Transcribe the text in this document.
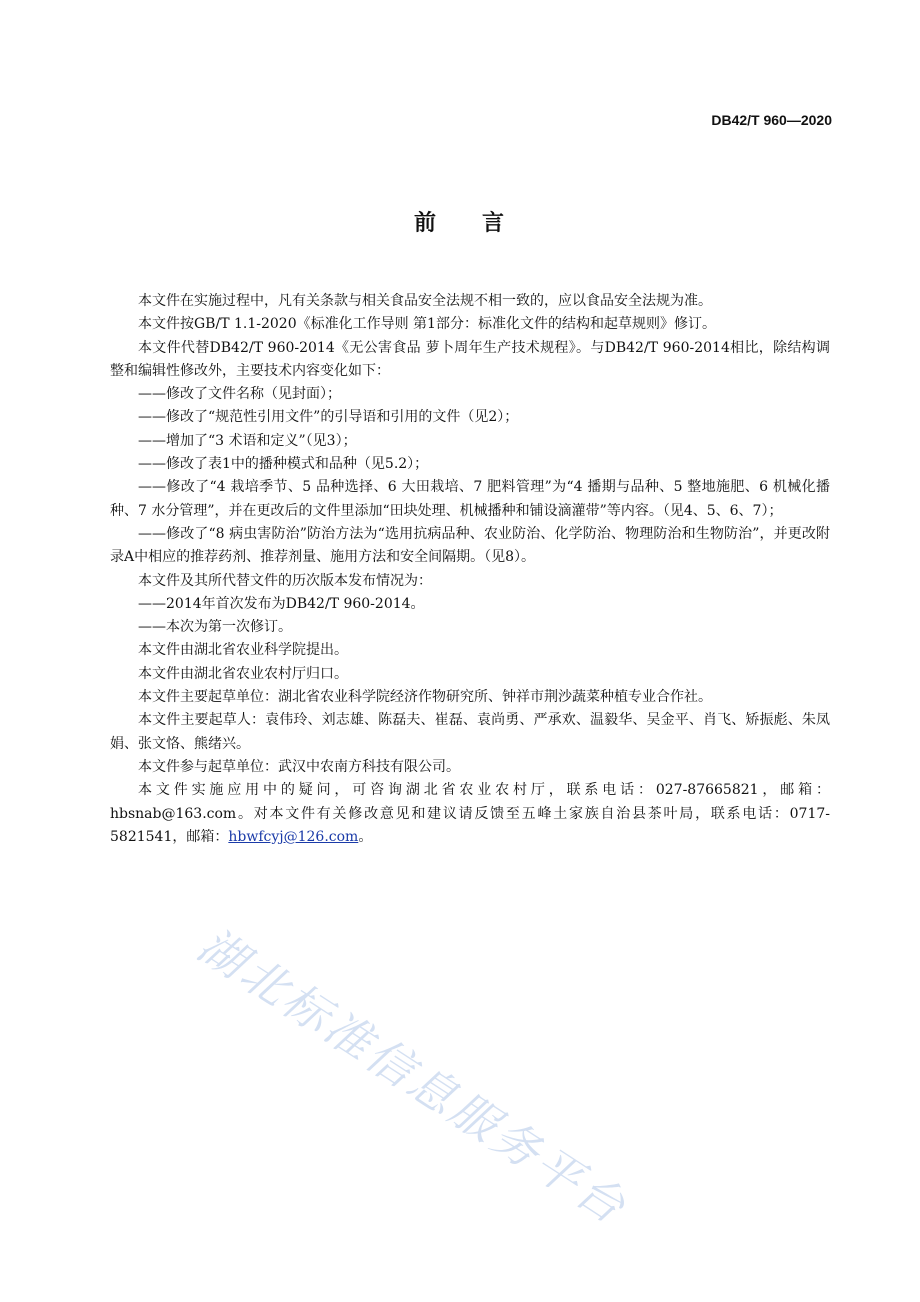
DB42/T 960—2020
前 言

本文件在实施过程中，凡有关条款与相关食品安全法规不相一致的，应以食品安全法规为准。

本文件按GB/T 1.1-2020《标准化工作导则 第1部分：标准化文件的结构和起草规则》修订。

本文件代替DB42/T 960-2014《无公害食品 萝卜周年生产技术规程》。与DB42/T 960-2014相比，除结构调整和编辑性修改外，主要技术内容变化如下：

——修改了文件名称（见封面）；

——修改了“规范性引用文件”的引导语和引用的文件（见2）；

——增加了“3 术语和定义”（见3）；

——修改了表1中的播种模式和品种（见5.2）；

——修改了“4 栽培季节、5 品种选择、6 大田栽培、7 肥料管理”为“4 播期与品种、5 整地施肥、6 机械化播种、7 水分管理”，并在更改后的文件里添加“田块处理、机械播种和铺设滴灌带”等内容。（见4、5、6、7）；

——修改了“8 病虫害防治”防治方法为“选用抗病品种、农业防治、化学防治、物理防治和生物防治”，并更改附录A中相应的推荐药剂、推荐剂量、施用方法和安全间隔期。（见8）。

本文件及其所代替文件的历次版本发布情况为：

——2014年首次发布为DB42/T 960-2014。

——本次为第一次修订。

本文件由湖北省农业科学院提出。

本文件由湖北省农业农村厅归口。

本文件主要起草单位：湖北省农业科学院经济作物研究所、钟祥市荆沙蔬菜种植专业合作社。

本文件主要起草人：袁伟玲、刘志雄、陈磊夫、崔磊、袁尚勇、严承欢、温毅华、吴金平、肖飞、矫振彪、朱凤娟、张文恪、熊绪兴。

本文件参与起草单位：武汉中农南方科技有限公司。

本文件实施应用中的疑问，可咨询湖北省农业农村厅，联系电话：027-87665821，邮箱：hbsnab@163.com。对本文件有关修改意见和建议请反馈至五峰土家族自治县茶叶局，联系电话：0717-5821541，邮箱：hbwfcyj@126.com。

湖北标准信息服务平台
